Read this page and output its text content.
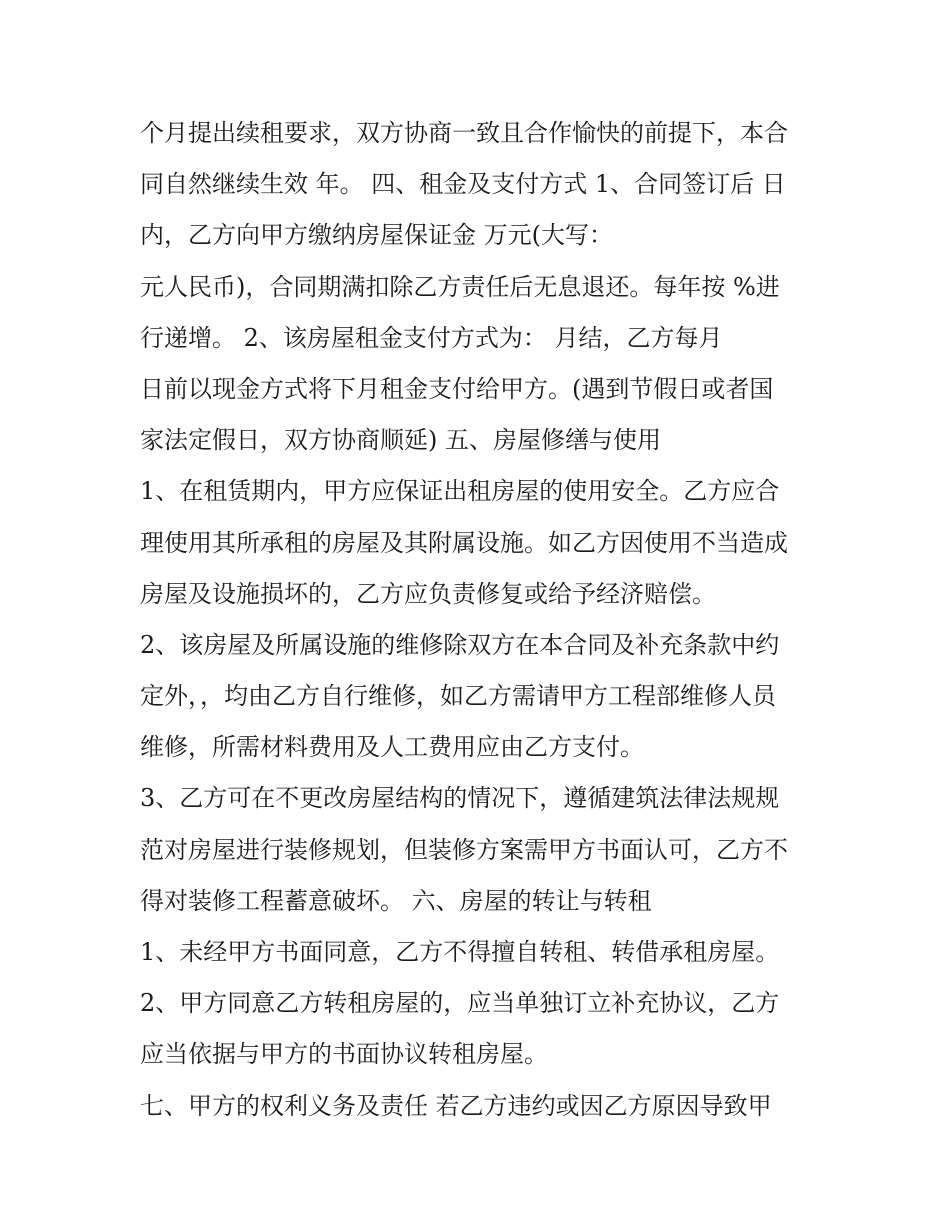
个月提出续租要求，双方协商一致且合作愉快的前提下，本合
同自然继续生效 年。 四、租金及支付方式 1、合同签订后 日
内，乙方向甲方缴纳房屋保证金 万元(大写：
元人民币)，合同期满扣除乙方责任后无息退还。每年按 %进
行递增。 2、该房屋租金支付方式为： 月结，乙方每月
日前以现金方式将下月租金支付给甲方。(遇到节假日或者国
家法定假日，双方协商顺延) 五、房屋修缮与使用
1、在租赁期内，甲方应保证出租房屋的使用安全。乙方应合
理使用其所承租的房屋及其附属设施。如乙方因使用不当造成
房屋及设施损坏的，乙方应负责修复或给予经济赔偿。
2、该房屋及所属设施的维修除双方在本合同及补充条款中约
定外，，均由乙方自行维修，如乙方需请甲方工程部维修人员
维修，所需材料费用及人工费用应由乙方支付。
3、乙方可在不更改房屋结构的情况下，遵循建筑法律法规规
范对房屋进行装修规划，但装修方案需甲方书面认可，乙方不
得对装修工程蓄意破坏。 六、房屋的转让与转租
1、未经甲方书面同意，乙方不得擅自转租、转借承租房屋。
2、甲方同意乙方转租房屋的，应当单独订立补充协议，乙方
应当依据与甲方的书面协议转租房屋。
七、甲方的权利义务及责任 若乙方违约或因乙方原因导致甲
